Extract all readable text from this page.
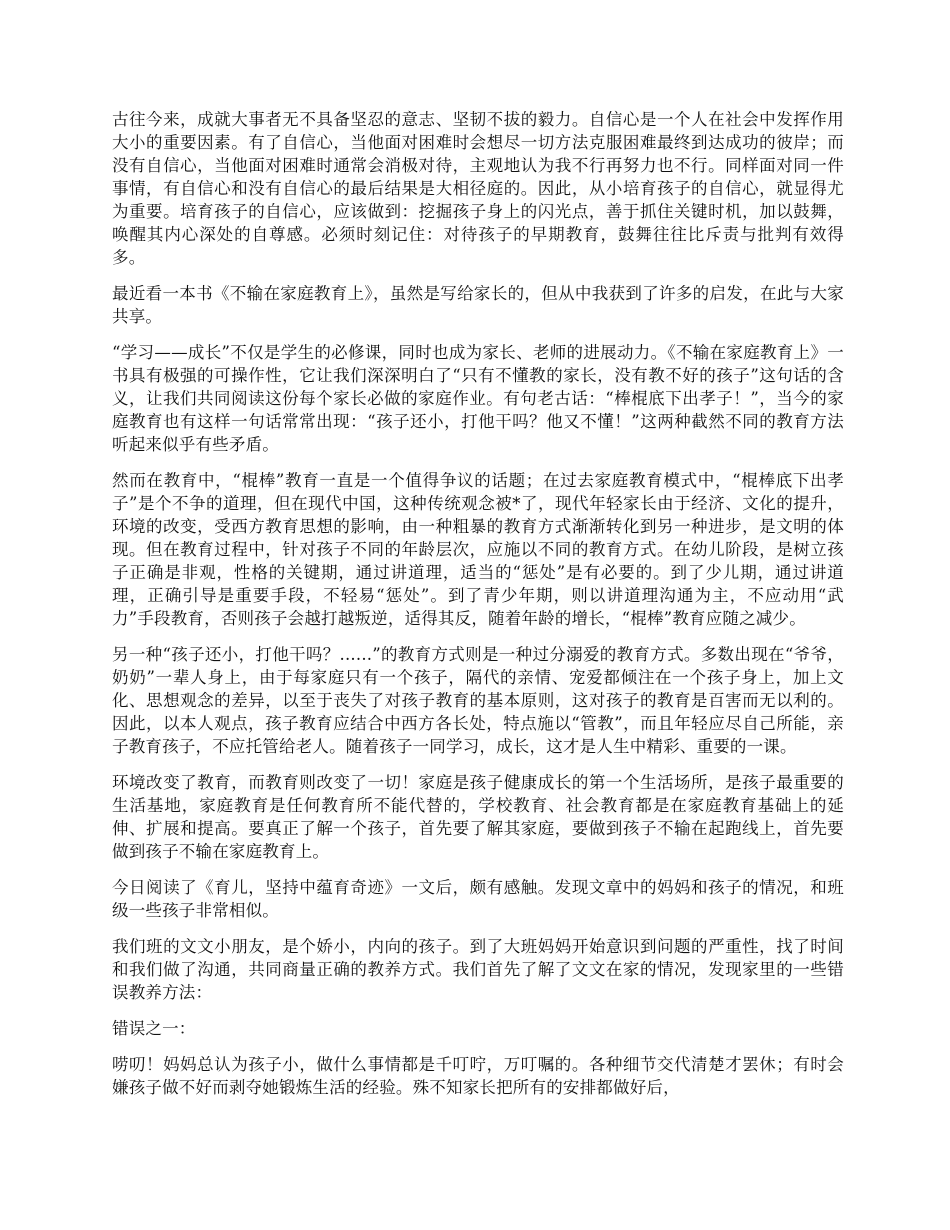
古往今来，成就大事者无不具备坚忍的意志、坚韧不拔的毅力。自信心是一个人在社会中发挥作用大小的重要因素。有了自信心，当他面对困难时会想尽一切方法克服困难最终到达成功的彼岸；而没有自信心，当他面对困难时通常会消极对待，主观地认为我不行再努力也不行。同样面对同一件事情，有自信心和没有自信心的最后结果是大相径庭的。因此，从小培育孩子的自信心，就显得尤为重要。培育孩子的自信心，应该做到：挖掘孩子身上的闪光点，善于抓住关键时机，加以鼓舞，唤醒其内心深处的自尊感。必须时刻记住：对待孩子的早期教育，鼓舞往往比斥责与批判有效得多。

最近看一本书《不输在家庭教育上》，虽然是写给家长的，但从中我获到了许多的启发，在此与大家共享。

“学习——成长”不仅是学生的必修课，同时也成为家长、老师的进展动力。《不输在家庭教育上》一书具有极强的可操作性，它让我们深深明白了“只有不懂教的家长，没有教不好的孩子”这句话的含义，让我们共同阅读这份每个家长必做的家庭作业。有句老古话：“棒棍底下出孝子！”，当今的家庭教育也有这样一句话常常出现：“孩子还小，打他干吗？他又不懂！”这两种截然不同的教育方法听起来似乎有些矛盾。

然而在教育中，“棍棒”教育一直是一个值得争议的话题；在过去家庭教育模式中，“棍棒底下出孝子”是个不争的道理，但在现代中国，这种传统观念被*了，现代年轻家长由于经济、文化的提升，环境的改变，受西方教育思想的影响，由一种粗暴的教育方式渐渐转化到另一种进步，是文明的体现。但在教育过程中，针对孩子不同的年龄层次，应施以不同的教育方式。在幼儿阶段，是树立孩子正确是非观，性格的关键期，通过讲道理，适当的“惩处”是有必要的。到了少儿期，通过讲道理，正确引导是重要手段，不轻易“惩处”。到了青少年期，则以讲道理沟通为主，不应动用“武力”手段教育，否则孩子会越打越叛逆，适得其反，随着年龄的增长，“棍棒”教育应随之减少。

另一种“孩子还小，打他干吗？......”的教育方式则是一种过分溺爱的教育方式。多数出现在“爷爷，奶奶”一辈人身上，由于每家庭只有一个孩子，隔代的亲情、宠爱都倾注在一个孩子身上，加上文化、思想观念的差异，以至于丧失了对孩子教育的基本原则，这对孩子的教育是百害而无以利的。因此，以本人观点，孩子教育应结合中西方各长处，特点施以“管教”，而且年轻应尽自己所能，亲子教育孩子，不应托管给老人。随着孩子一同学习，成长，这才是人生中精彩、重要的一课。

环境改变了教育，而教育则改变了一切！家庭是孩子健康成长的第一个生活场所，是孩子最重要的生活基地，家庭教育是任何教育所不能代替的，学校教育、社会教育都是在家庭教育基础上的延伸、扩展和提高。要真正了解一个孩子，首先要了解其家庭，要做到孩子不输在起跑线上，首先要做到孩子不输在家庭教育上。

今日阅读了《育儿，坚持中蕴育奇迹》一文后，颇有感触。发现文章中的妈妈和孩子的情况，和班级一些孩子非常相似。

我们班的文文小朋友，是个娇小，内向的孩子。到了大班妈妈开始意识到问题的严重性，找了时间和我们做了沟通，共同商量正确的教养方式。我们首先了解了文文在家的情况，发现家里的一些错误教养方法：

错误之一：

唠叨！妈妈总认为孩子小，做什么事情都是千叮咛，万叮嘱的。各种细节交代清楚才罢休；有时会嫌孩子做不好而剥夺她锻炼生活的经验。殊不知家长把所有的安排都做好后，
